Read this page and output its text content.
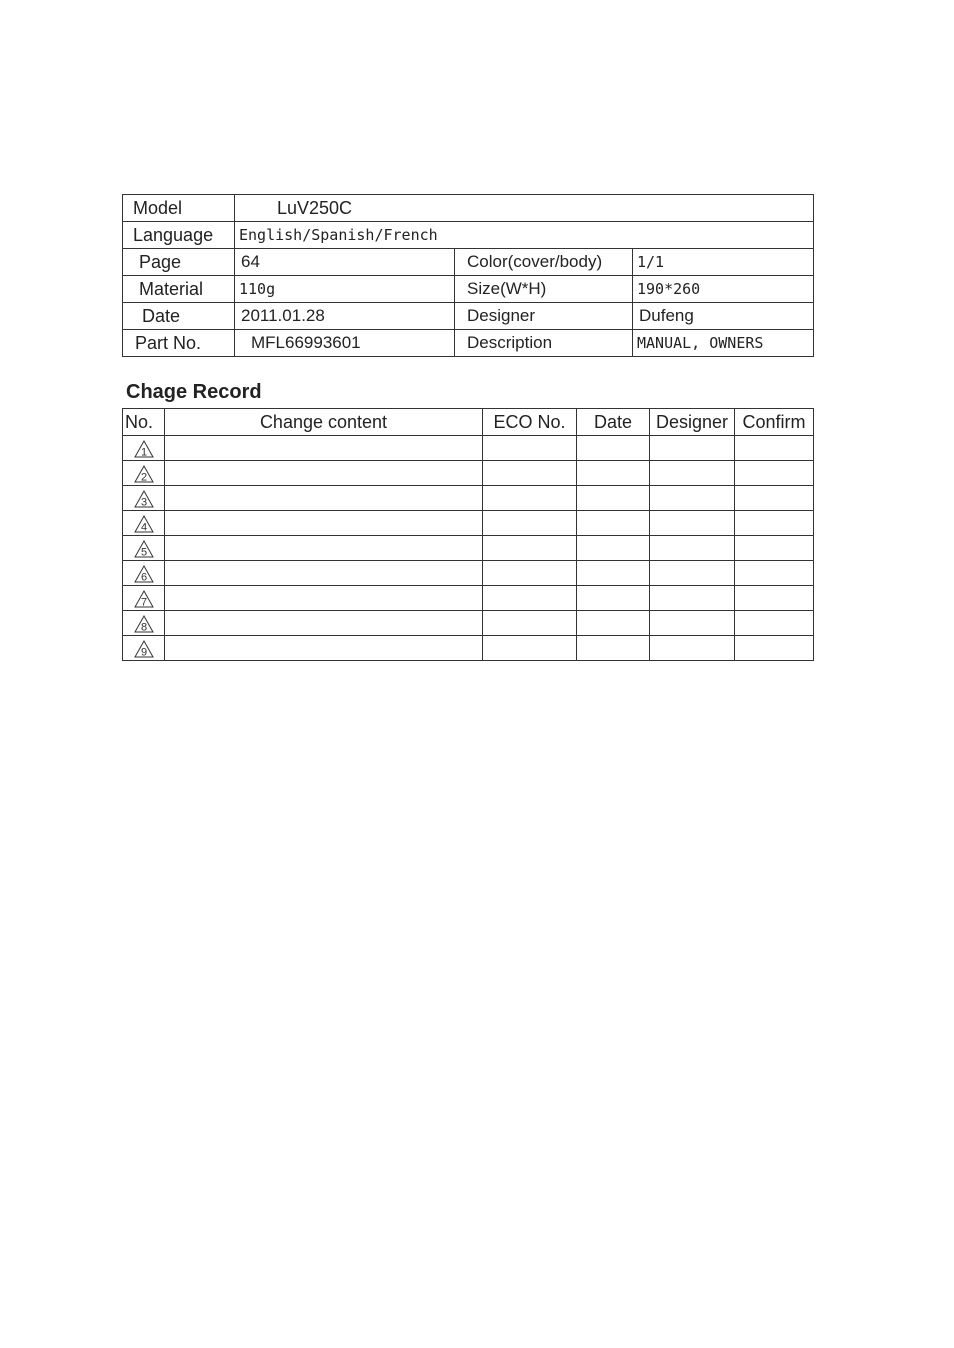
Model	LuV250C		
Language	English/Spanish/French		
Page	64	Color(cover/body)	1/1
Material	110g	Size(W*H)	190*260
Date	2011.01.28	Designer	Dufeng
Part No.	MFL66993601	Description	MANUAL, OWNERS
Chage Record
No.	Change content	ECO No.	Date	Designer	Confirm

1					

2					

3					

4					

5					

6					

7					

8					

9					
